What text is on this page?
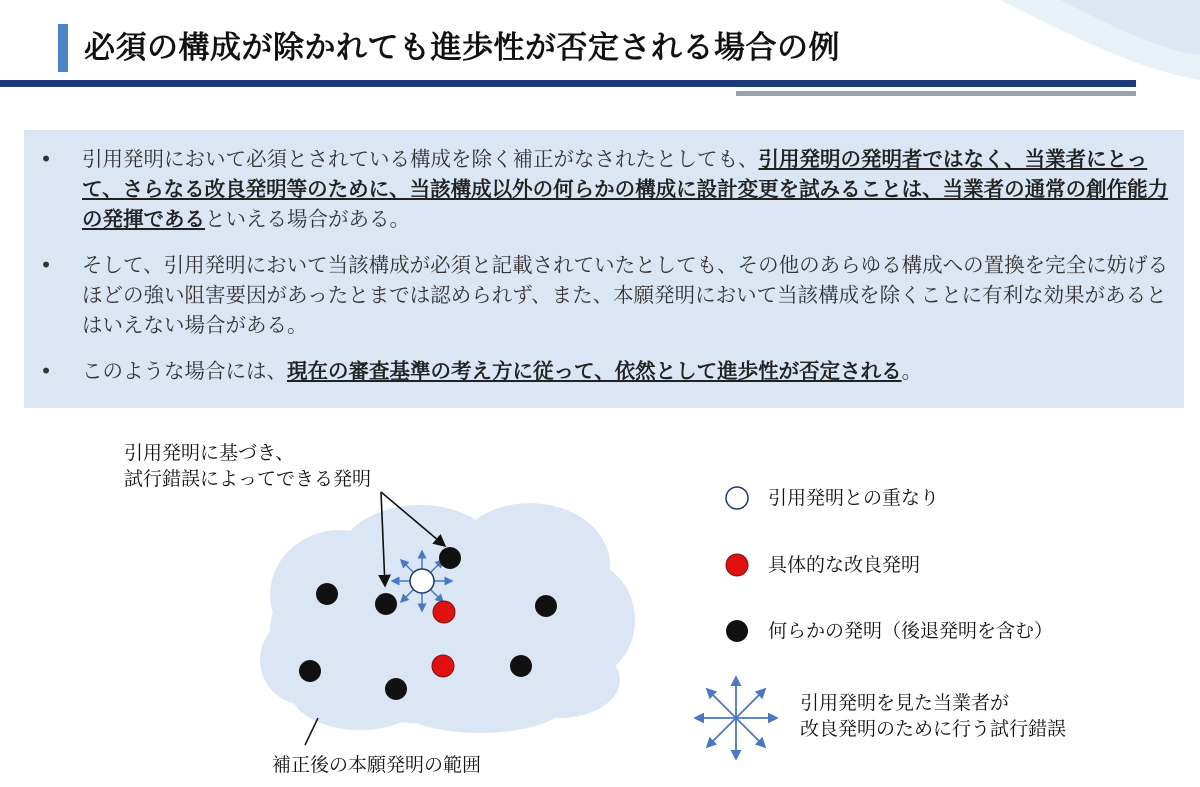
必須の構成が除かれても進歩性が否定される場合の例
• 引用発明において必須とされている構成を除く補正がなされたとしても、引用発明の発明者ではなく、当業者にとって、さらなる改良発明等のために、当該構成以外の何らかの構成に設計変更を試みることは、当業者の通常の創作能力の発揮であるといえる場合がある。

• そして、引用発明において当該構成が必須と記載されていたとしても、その他のあらゆる構成への置換を完全に妨げるほどの強い阻害要因があったとまでは認められず、また、本願発明において当該構成を除くことに有利な効果があるとはいえない場合がある。

• このような場合には、現在の審査基準の考え方に従って、依然として進歩性が否定される。

引用発明に基づき、
試行錯誤によってできる発明
補正後の本願発明の範囲
引用発明との重なり
具体的な改良発明
何らかの発明（後退発明を含む）
引用発明を見た当業者が
改良発明のために行う試行錯誤
